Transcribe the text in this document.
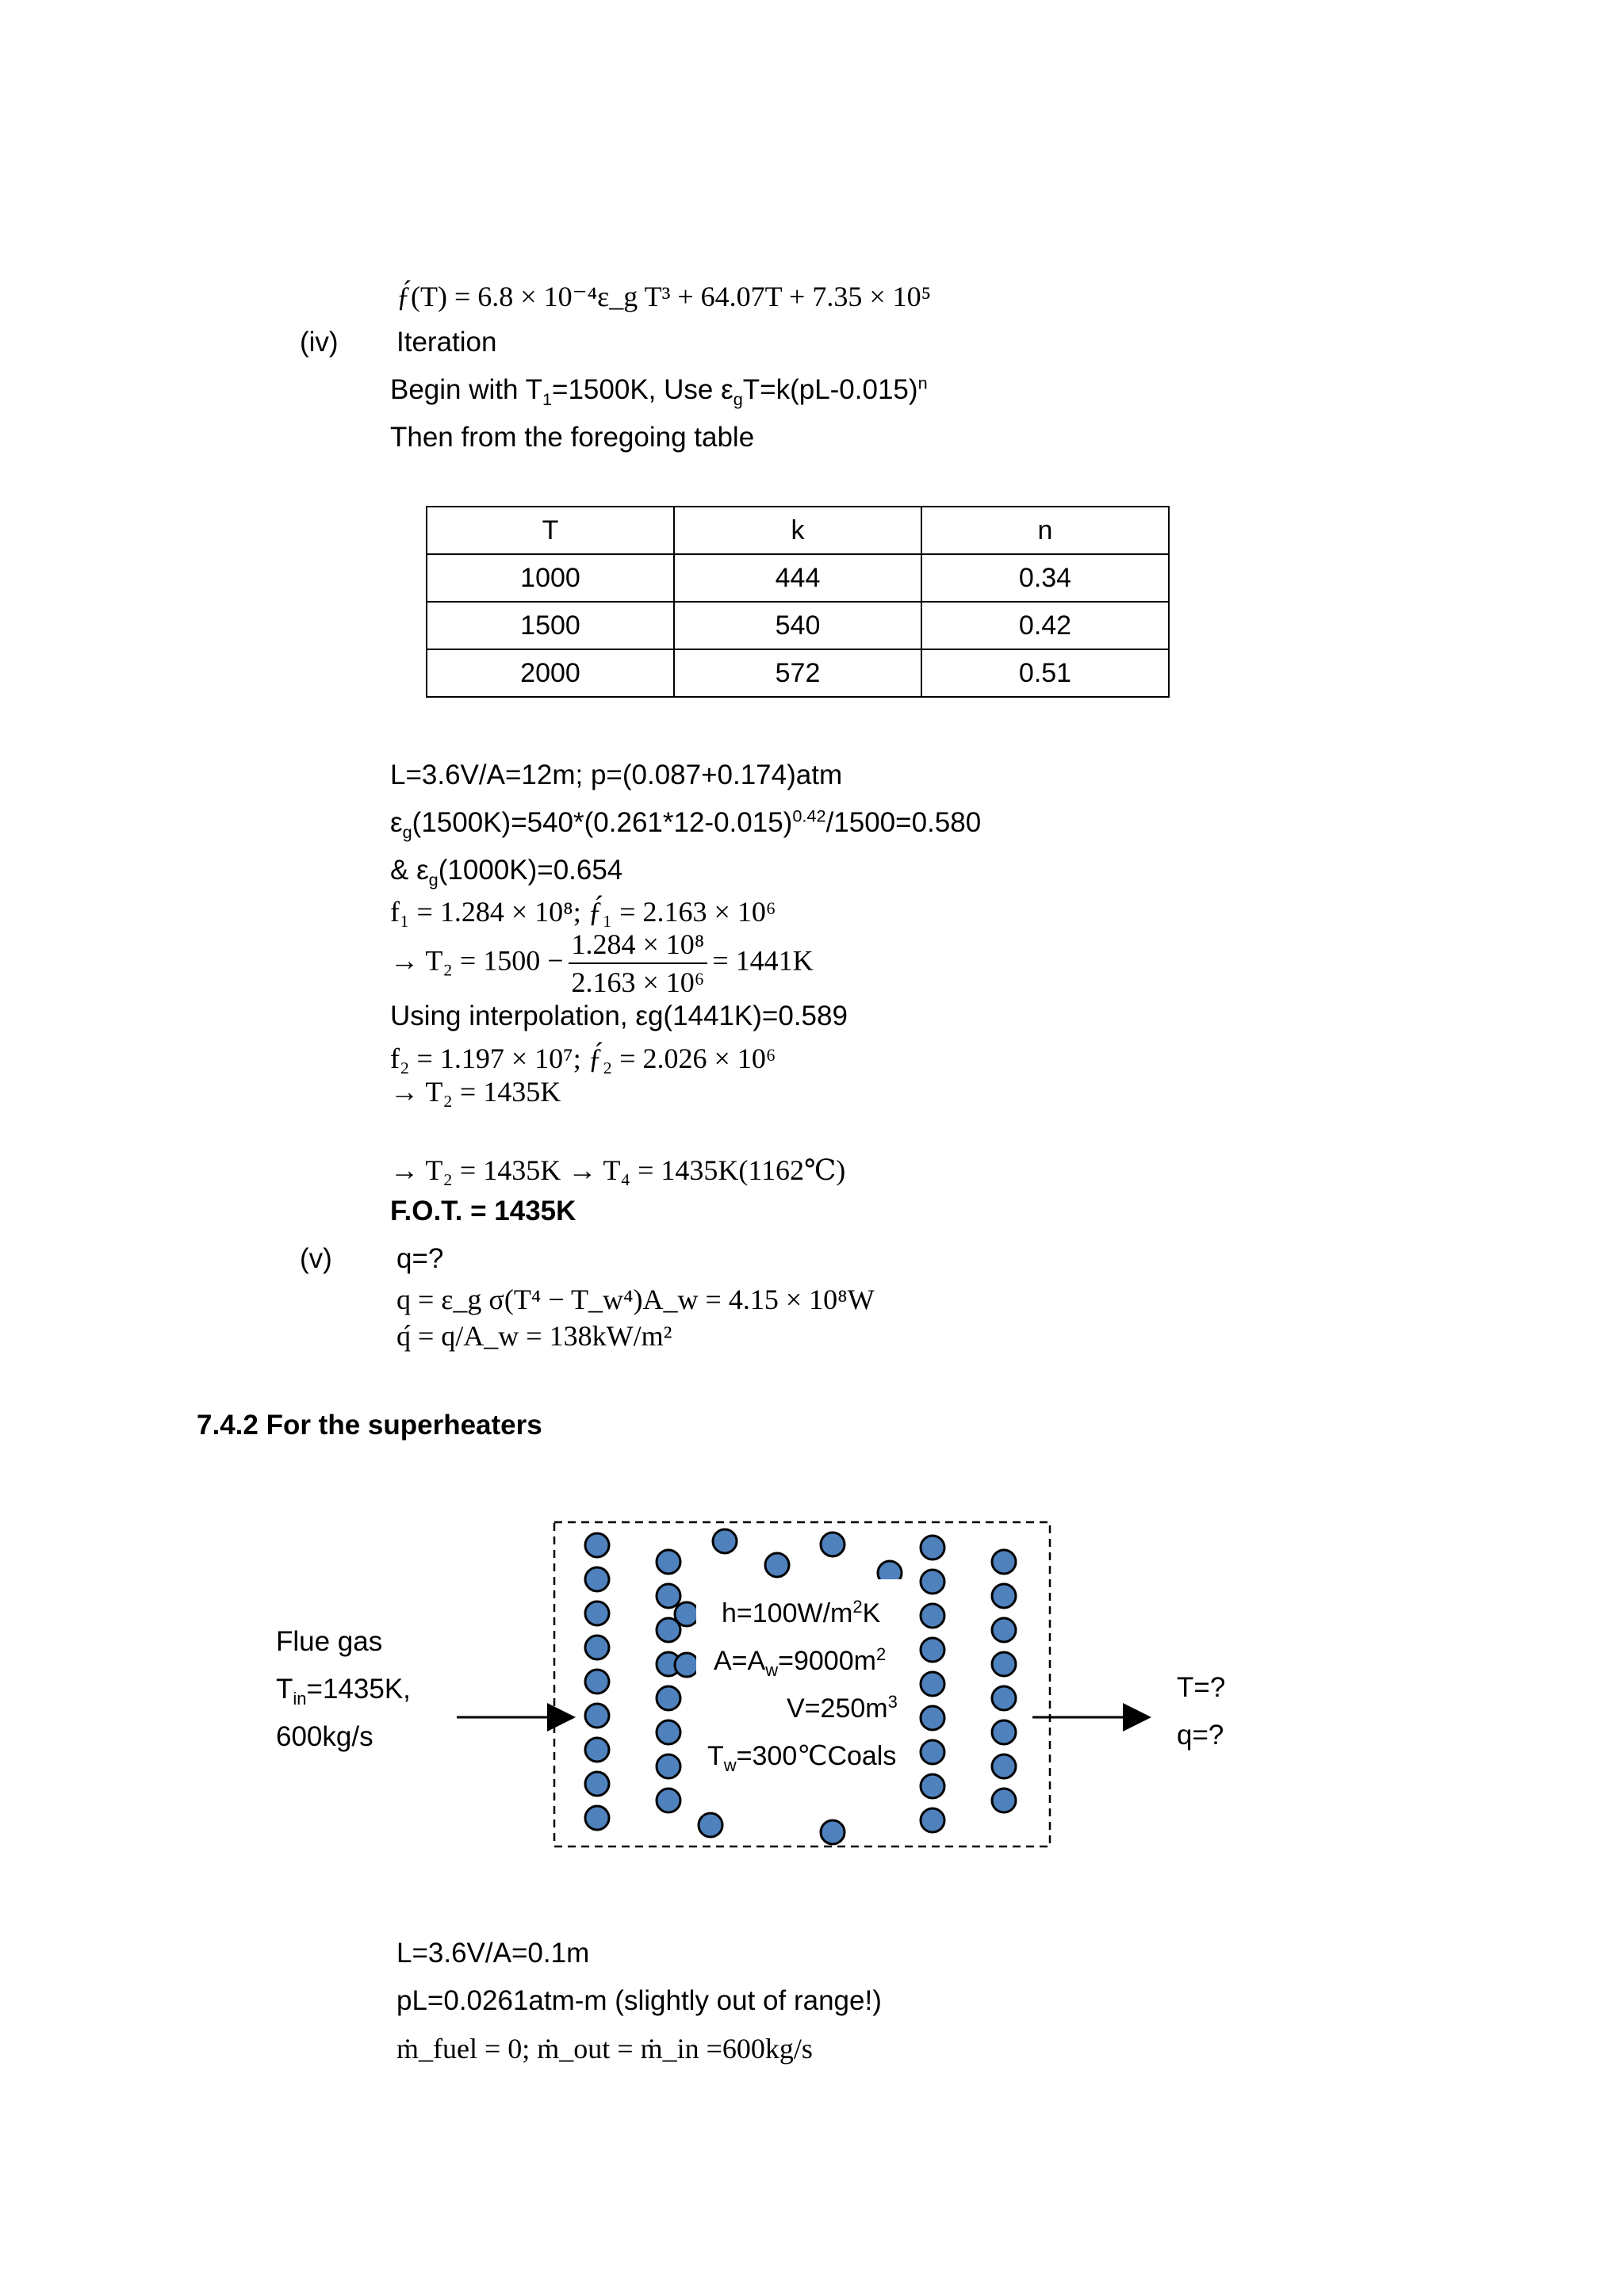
ƒ́(T) = 6.8 × 10⁻⁴ε_g T³ + 64.07T + 7.35 × 10⁵
(iv) Iteration
Begin with $T_1=1500K$, Use $\varepsilon_gT=k(pL-0.015)^n$
Then from the foregoing table
T	k	n
1000	444	0.34
1500	540	0.42
2000	572	0.51
L=3.6V/A=12m; p=(0.087+0.174)atm
$\varepsilon_g(1500K)=540*(0.261*12-0.015)^{0.42}/1500=0.580$
& $\varepsilon_g(1000K)=0.654$
f₁ = 1.284 × 10⁸; ƒ́₁ = 2.163 × 10⁶
→ $T_2 = 1500 - \frac{\text{1.284 × 10⁸}}{\text{2.163 × 10⁶}} = 1441K$
Using interpolation, εg(1441K)=0.589
f₂ = 1.197 × 10⁷; ƒ́₂ = 2.026 × 10⁶
→ T₂ = 1435K
→ T₂ = 1435K → T₄ = 1435K(1162℃)
F.O.T. = 1435K
(v) q=?
q = ε_g σ(T⁴ − T_w⁴)A_w = 4.15 × 10⁸W
q́ = q/A_w = 138kW/m²
7.4.2 For the superheaters
Flue gas
$T_{in}=1435K$,
600kg/s
$h=100W/m^2K$
$A=A_w=9000m^2$
$V=250m^3$
$T_w=300℃Coals$
T=?
q=?
L=3.6V/A=0.1m
pL=0.0261atm-m (slightly out of range!)
ṁ_fuel = 0; ṁ_out = ṁ_in =600kg/s
